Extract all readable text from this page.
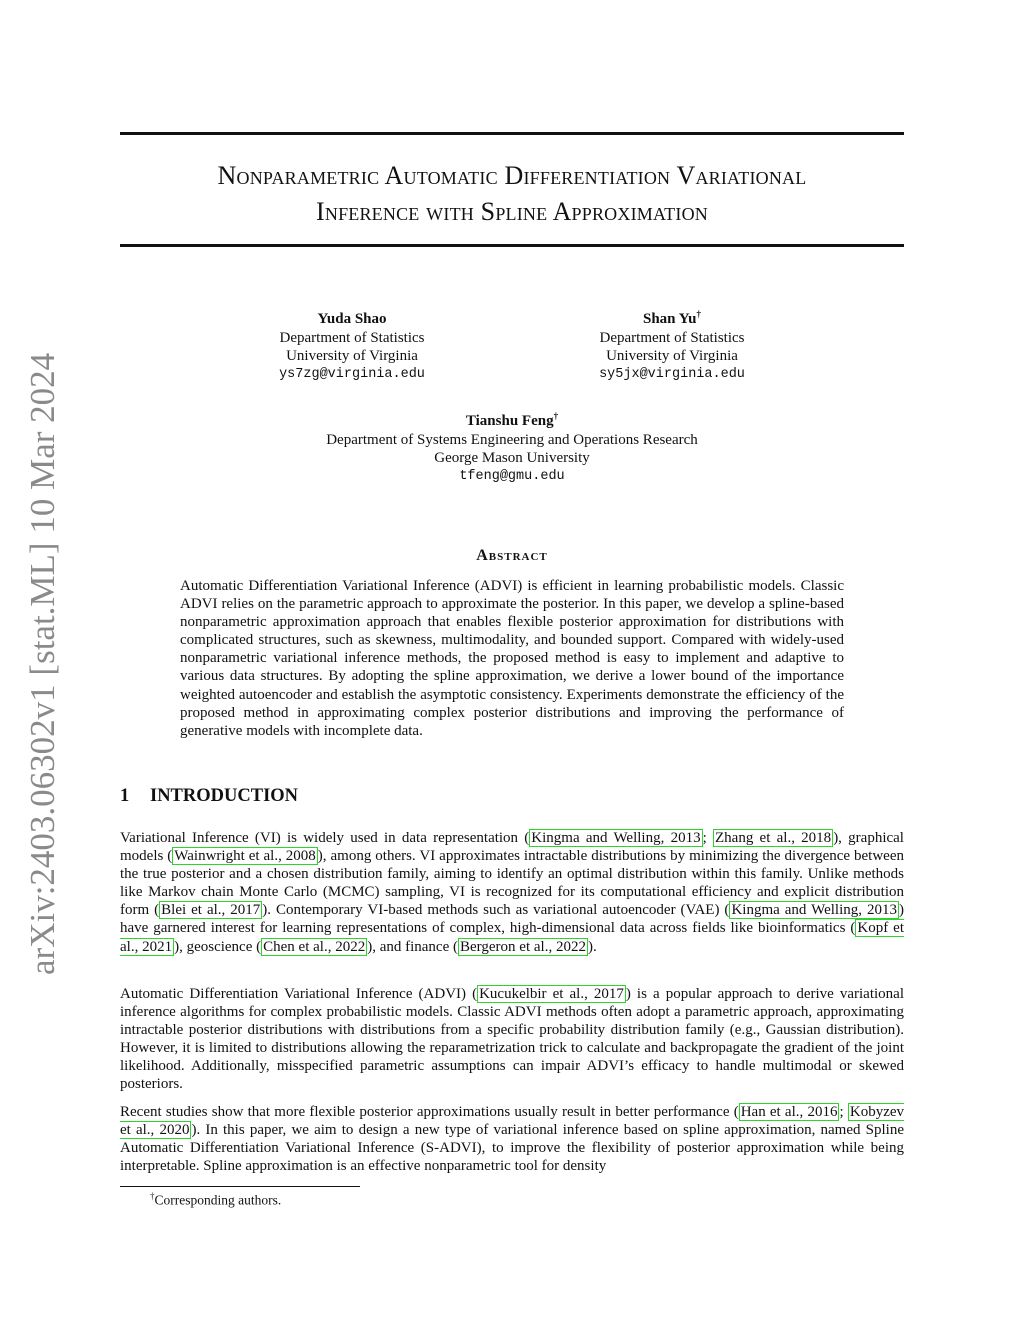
arXiv:2403.06302v1 [stat.ML] 10 Mar 2024
Nonparametric Automatic Differentiation Variational
Inference with Spline Approximation
Yuda Shao
Department of Statistics
University of Virginia
ys7zg@virginia.edu
Shan Yu†
Department of Statistics
University of Virginia
sy5jx@virginia.edu
Tianshu Feng†
Department of Systems Engineering and Operations Research
George Mason University
tfeng@gmu.edu
Abstract

Automatic Differentiation Variational Inference (ADVI) is efficient in learning probabilistic models. Classic ADVI relies on the parametric approach to approximate the posterior. In this paper, we develop a spline-based nonparametric approximation approach that enables flexible posterior approximation for distributions with complicated structures, such as skewness, multimodality, and bounded support. Compared with widely-used nonparametric variational inference methods, the proposed method is easy to implement and adaptive to various data structures. By adopting the spline approximation, we derive a lower bound of the importance weighted autoencoder and establish the asymptotic consistency. Experiments demonstrate the efficiency of the proposed method in approximating complex posterior distributions and improving the performance of generative models with incomplete data.

1 INTRODUCTION

Variational Inference (VI) is widely used in data representation ( Kingma and Welling, 2013 ; Zhang et al., 2018 ), graphical models ( Wainwright et al., 2008 ), among others. VI approximates intractable distributions by minimizing the divergence between the true posterior and a chosen distribution family, aiming to identify an optimal distribution within this family. Unlike methods like Markov chain Monte Carlo (MCMC) sampling, VI is recognized for its computational efficiency and explicit distribution form ( Blei et al., 2017 ). Contemporary VI-based methods such as variational autoencoder (VAE) ( Kingma and Welling, 2013 ) have garnered interest for learning representations of complex, high-dimensional data across fields like bioinformatics ( Kopf et al., 2021 ), geoscience ( Chen et al., 2022 ), and finance ( Bergeron et al., 2022 ).

Automatic Differentiation Variational Inference (ADVI) ( Kucukelbir et al., 2017 ) is a popular approach to derive variational inference algorithms for complex probabilistic models. Classic ADVI methods often adopt a parametric approach, approximating intractable posterior distributions with distributions from a specific probability distribution family (e.g., Gaussian distribution). However, it is limited to distributions allowing the reparametrization trick to calculate and backpropagate the gradient of the joint likelihood. Additionally, misspecified parametric assumptions can impair ADVI’s efficacy to handle multimodal or skewed posteriors.

Recent studies show that more flexible posterior approximations usually result in better performance ( Han et al., 2016 ; Kobyzev et al., 2020 ). In this paper, we aim to design a new type of variational inference based on spline approximation, named Spline Automatic Differentiation Variational Inference (S-ADVI), to improve the flexibility of posterior approximation while being interpretable. Spline approximation is an effective nonparametric tool for density

†Corresponding authors.
